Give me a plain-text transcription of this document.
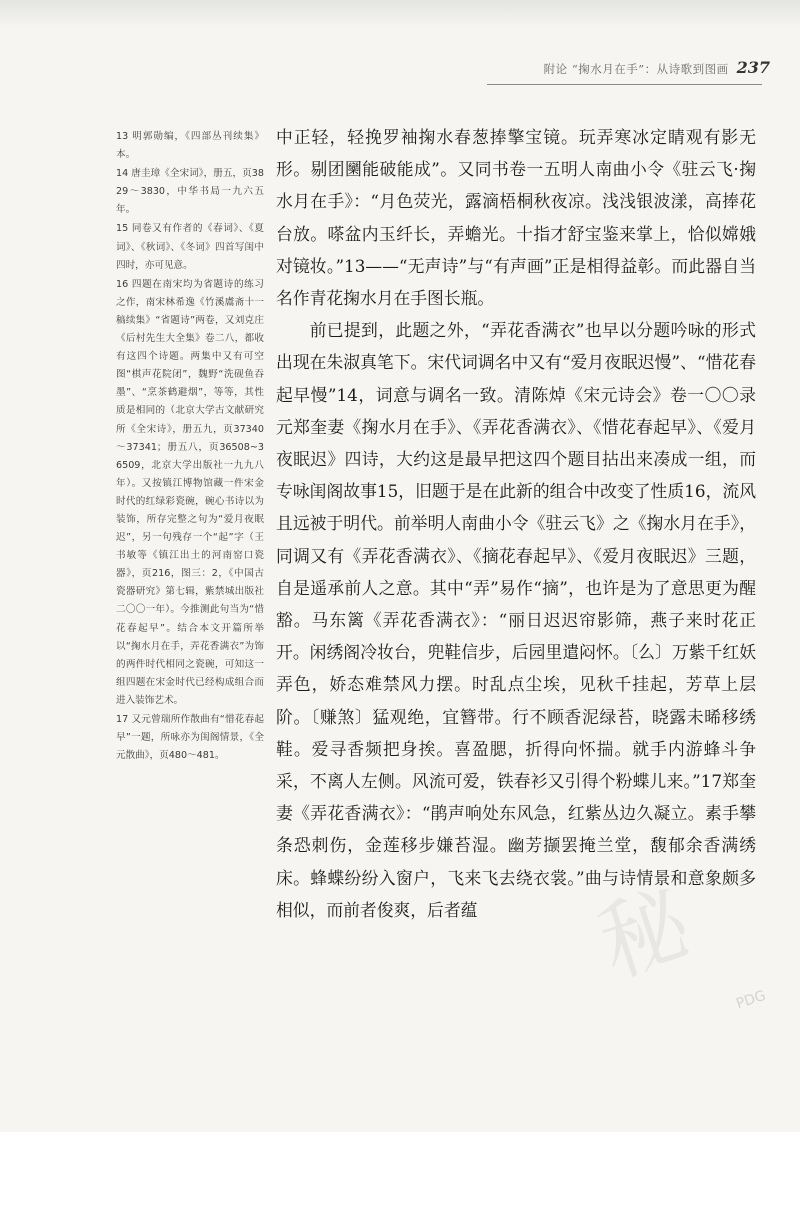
附论 “掬水月在手”：从诗歌到图画 237

13 明郭勋编，《四部丛刊续集》本。

14 唐圭璋《全宋词》，册五，页3829～3830，中华书局一九六五年。

15 同卷又有作者的《春词》、《夏词》、《秋词》、《冬词》四首写闺中四时，亦可见意。

16 四题在南宋均为省题诗的练习之作，南宋林希逸《竹溪鬳斋十一稿续集》“省题诗”两卷，又刘克庄《后村先生大全集》卷二八，都收有这四个诗题。两集中又有可空图“棋声花院闭”，魏野“洗砚鱼吞墨”、“烹茶鹤避烟”，等等，其性质是相同的（北京大学古文献研究所《全宋诗》，册五九，页37340～37341；册五八，页36508~36509，北京大学出版社一九九八年）。又按镇江博物馆藏一件宋金时代的红绿彩瓷碗，碗心书诗以为装饰，所存完整之句为“爱月夜眠迟”，另一句残存一个“起”字（王书敏等《镇江出土的河南窑口瓷器》，页216，图三：2，《中国古瓷器研究》第七辑，紫禁城出版社二〇〇一年）。今推测此句当为“惜花春起早”。结合本文开篇所举以“掬水月在手，弄花香满衣”为饰的两件时代相同之瓷碗，可知这一组四题在宋金时代已经构成组合而进入装饰艺术。

17 又元曾瑞所作散曲有“惜花春起早”一题，所咏亦为闺阁情景，《全元散曲》，页480～481。

中正轻，轻挽罗袖掬水春葱捧擎宝镜。玩弄寒冰定睛观有影无形。剔团圞能破能成”。又同书卷一五明人南曲小令《驻云飞·掬水月在手》：“月色荧光，露滴梧桐秋夜凉。浅浅银波漾，高捧花台放。嗏盆内玉纤长，弄蟾光。十指才舒宝鉴来掌上，恰似嫦娥对镜妆。”13——“无声诗”与“有声画”正是相得益彰。而此器自当名作青花掬水月在手图长瓶。

前已提到，此题之外，“弄花香满衣”也早以分题吟咏的形式出现在朱淑真笔下。宋代词调名中又有“爱月夜眠迟慢”、“惜花春起早慢”14，词意与调名一致。清陈焯《宋元诗会》卷一〇〇录元郑奎妻《掬水月在手》、《弄花香满衣》、《惜花春起早》、《爱月夜眠迟》四诗，大约这是最早把这四个题目拈出来凑成一组，而专咏闺阁故事15，旧题于是在此新的组合中改变了性质16，流风且远被于明代。前举明人南曲小令《驻云飞》之《掬水月在手》，同调又有《弄花香满衣》、《摘花春起早》、《爱月夜眠迟》三题，自是遥承前人之意。其中“弄”易作“摘”，也许是为了意思更为醒豁。马东篱《弄花香满衣》：“丽日迟迟帘影筛，燕子来时花正开。闲绣阁冷妆台，兜鞋信步，后园里遣闷怀。〔么〕万紫千红妖弄色，娇态难禁风力摆。时乱点尘埃，见秋千挂起，芳草上层阶。〔赚煞〕猛观绝，宜簪带。行不顾香泥绿苔，晓露未晞移绣鞋。爱寻香频把身挨。喜盈腮，折得向怀揣。就手内游蜂斗争采，不离人左侧。风流可爱，铁春衫又引得个粉蝶儿来。”17郑奎妻《弄花香满衣》：“鹃声响处东风急，红紫丛边久凝立。素手攀条恐刺伤，金莲移步嫌苔湿。幽芳撷罢掩兰堂，馥郁余香满绣床。蜂蝶纷纷入窗户，飞来飞去绕衣裳。”曲与诗情景和意象颇多相似，而前者俊爽，后者蕴	秘
PDG
